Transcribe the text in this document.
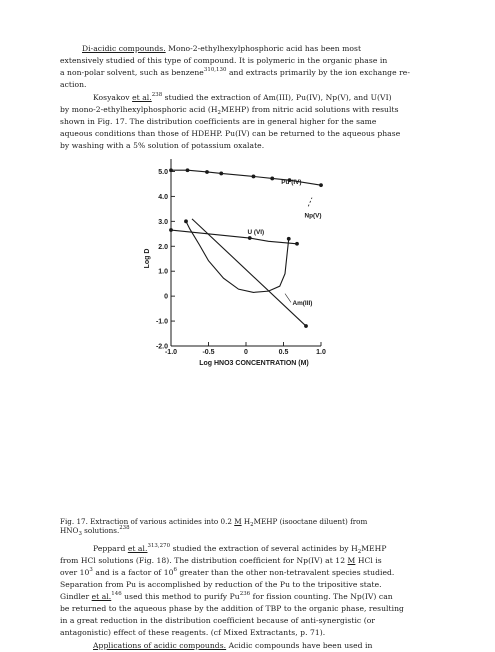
Di-acidic compounds. Mono-2-ethylhexylphosphoric acid has been most
extensively studied of this type of compound. It is polymeric in the organic phase in
a non-polar solvent, such as benzene$^{310,130}$ and extracts primarily by the ion exchange re-
action.
Kosyakov et al.$^{238}$ studied the extraction of Am(III), Pu(IV), Np(V), and U(VI)
by mono-2-ethylhexylphosphoric acid $(H_2MEHP)$ from nitric acid solutions with results
shown in Fig. 17. The distribution coefficients are in general higher for the same
aqueous conditions than those of HDEHP. Pu(IV) can be returned to the aqueous phase
by washing with a 5% solution of potassium oxalate.
-2.0
-1.0
0
1.0
2.0
3.0
4.0
5.0
-1.0	-0.5	0	0.5	1.0
Log HNO3 CONCENTRATION (M)
Log D
Pu (IV)
Np(V)
U (VI)
Am(III)
Fig. 17. Extraction of various actinides into 0.2 M $H_2MEHP$ (isooctane diluent) from
$HNO_3$ solutions.$^{238}$
Peppard et al.$^{313,270}$ studied the extraction of several actinides by $H_2MEHP$
from HCl solutions (Fig. 18). The distribution coefficient for Np(IV) at 12 M HCl is
over $10^3$ and is a factor of $10^6$ greater than the other non-tetravalent species studied.
Separation from Pu is accomplished by reduction of the Pu to the tripositive state.
Gindler et al.$^{146}$ used this method to purify Pu$^{236}$ for fission counting. The Np(IV) can
be returned to the aqueous phase by the addition of TBP to the organic phase, resulting
in a great reduction in the distribution coefficient because of anti-synergistic (or
antagonistic) effect of these reagents. (cf Mixed Extractants, p. 71).
Applications of acidic compounds. Acidic compounds have been used in
